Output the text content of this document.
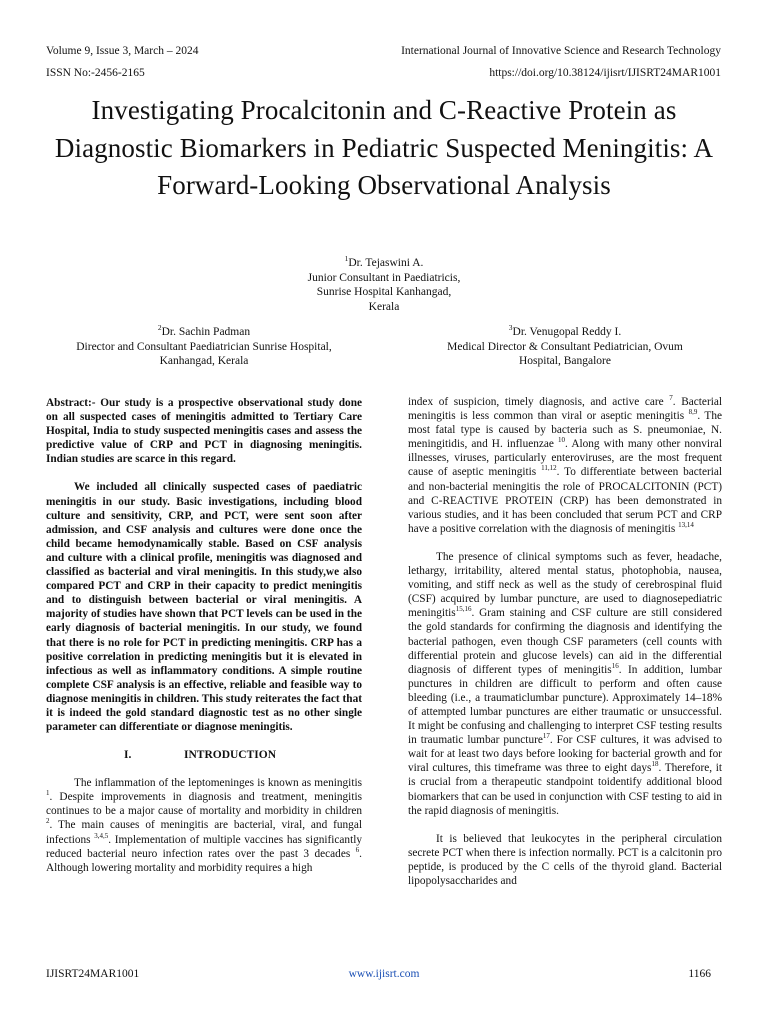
Volume 9, Issue 3, March – 2024
ISSN No:-2456-2165
International Journal of Innovative Science and Research Technology
https://doi.org/10.38124/ijisrt/IJISRT24MAR1001
Investigating Procalcitonin and C-Reactive Protein as Diagnostic Biomarkers in Pediatric Suspected Meningitis: A Forward-Looking Observational Analysis
$^1$Dr. Tejaswini A.
Junior Consultant in Paediatricis,
Sunrise Hospital Kanhangad,
Kerala
$^2$Dr. Sachin Padman
Director and Consultant Paediatrician Sunrise Hospital,
Kanhangad, Kerala
$^3$Dr. Venugopal Reddy I.
Medical Director & Consultant Pediatrician, Ovum
Hospital, Bangalore

Abstract:- Our study is a prospective observational study done on all suspected cases of meningitis admitted to Tertiary Care Hospital, India to study suspected meningitis cases and assess the predictive value of CRP and PCT in diagnosing meningitis. Indian studies are scarce in this regard.

We included all clinically suspected cases of paediatric meningitis in our study. Basic investigations, including blood culture and sensitivity, CRP, and PCT, were sent soon after admission, and CSF analysis and cultures were done once the child became hemodynamically stable. Based on CSF analysis and culture with a clinical profile, meningitis was diagnosed and classified as bacterial and viral meningitis. In this study,we also compared PCT and CRP in their capacity to predict meningitis and to distinguish between bacterial or viral meningitis. A majority of studies have shown that PCT levels can be used in the early diagnosis of bacterial meningitis. In our study, we found that there is no role for PCT in predicting meningitis. CRP has a positive correlation in predicting meningitis but it is elevated in infectious as well as inflammatory conditions. A simple routine complete CSF analysis is an effective, reliable and feasible way to diagnose meningitis in children. This study reiterates the fact that it is indeed the gold standard diagnostic test as no other single parameter can differentiate or diagnose meningitis.

I.	INTRODUCTION

The inflammation of the leptomeninges is known as meningitis $^1$. Despite improvements in diagnosis and treatment, meningitis continues to be a major cause of mortality and morbidity in children $^2$. The main causes of meningitis are bacterial, viral, and fungal infections $^{3,4,5}$. Implementation of multiple vaccines has significantly reduced bacterial neuro infection rates over the past 3 decades $^6$. Although lowering mortality and morbidity requires a high

index of suspicion, timely diagnosis, and active care $^7$. Bacterial meningitis is less common than viral or aseptic meningitis $^{8,9}$. The most fatal type is caused by bacteria such as S. pneumoniae, N. meningitidis, and H. influenzae $^{10}$. Along with many other nonviral illnesses, viruses, particularly enteroviruses, are the most frequent cause of aseptic meningitis $^{11,12}$. To differentiate between bacterial and non-bacterial meningitis the role of PROCALCITONIN (PCT) and C-REACTIVE PROTEIN (CRP) has been demonstrated in various studies, and it has been concluded that serum PCT and CRP have a positive correlation with the diagnosis of meningitis $^{13,14}$

The presence of clinical symptoms such as fever, headache, lethargy, irritability, altered mental status, photophobia, nausea, vomiting, and stiff neck as well as the study of cerebrospinal fluid (CSF) acquired by lumbar puncture, are used to diagnosepediatric meningitis$^{15,16}$. Gram staining and CSF culture are still considered the gold standards for confirming the diagnosis and identifying the bacterial pathogen, even though CSF parameters (cell counts with differential protein and glucose levels) can aid in the differential diagnosis of different types of meningitis$^{16}$. In addition, lumbar punctures in children are difficult to perform and often cause bleeding (i.e., a traumaticlumbar puncture). Approximately 14–18% of attempted lumbar punctures are either traumatic or unsuccessful. It might be confusing and challenging to interpret CSF testing results in traumatic lumbar puncture$^{17}$. For CSF cultures, it was advised to wait for at least two days before looking for bacterial growth and for viral cultures, this timeframe was three to eight days$^{18}$. Therefore, it is crucial from a therapeutic standpoint toidentify additional blood biomarkers that can be used in conjunction with CSF testing to aid in the rapid diagnosis of meningitis.

It is believed that leukocytes in the peripheral circulation secrete PCT when there is infection normally. PCT is a calcitonin pro peptide, is produced by the C cells of the thyroid gland. Bacterial lipopolysaccharides and

IJISRT24MAR1001	www.ijisrt.com	1166
